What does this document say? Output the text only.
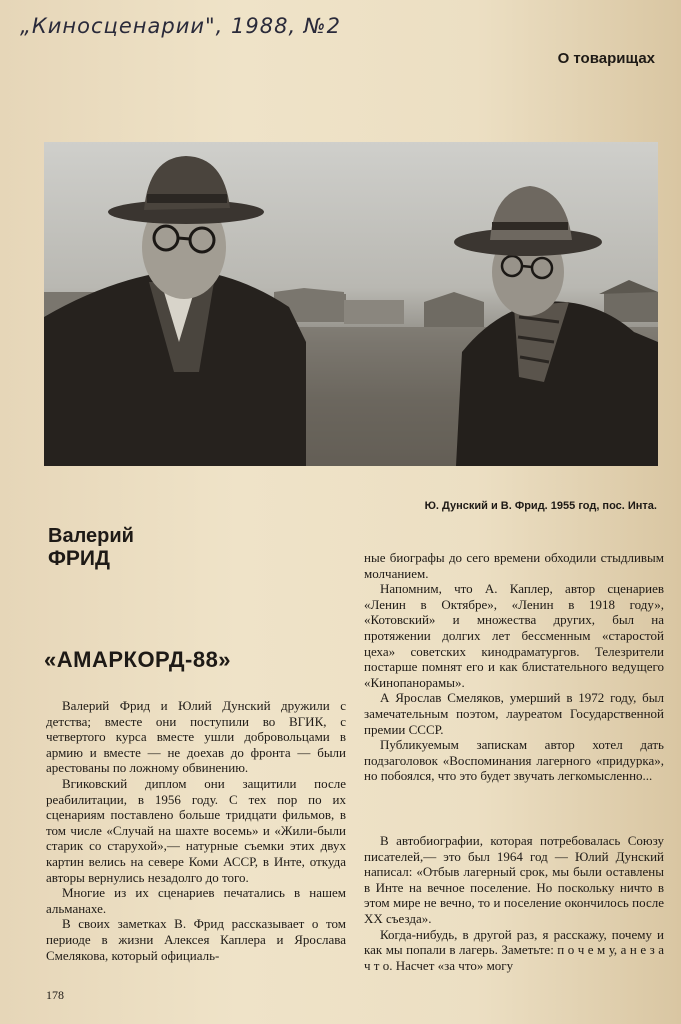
„Киносценарии", 1988, №2
О товарищах
Ю. Дунский и В. Фрид. 1955 год, пос. Инта.
Валерий
ФРИД
«АМАРКОРД-88»

Валерий Фрид и Юлий Дунский дружили с детства; вместе они поступили во ВГИК, с четвертого курса вместе ушли добровольцами в армию и вместе — не доехав до фронта — были арестованы по ложному обвинению.

Вгиковский диплом они защитили после реабилитации, в 1956 году. С тех пор по их сценариям поставлено больше тридцати фильмов, в том числе «Случай на шахте восемь» и «Жили-были старик со старухой»,— натурные съемки этих двух картин велись на севере Коми АССР, в Инте, откуда авторы вернулись незадолго до того.

Многие из их сценариев печатались в нашем альманахе.

В своих заметках В. Фрид рассказывает о том периоде в жизни Алексея Каплера и Ярослава Смелякова, который официаль-

ные биографы до сего времени обходили стыдливым молчанием.

Напомним, что А. Каплер, автор сценариев «Ленин в Октябре», «Ленин в 1918 году», «Котовский» и множества других, был на протяжении долгих лет бессменным «старостой цеха» советских кинодраматургов. Телезрители постарше помнят его и как блистательного ведущего «Кинопанорамы».

А Ярослав Смеляков, умерший в 1972 году, был замечательным поэтом, лауреатом Государственной премии СССР.

Публикуемым запискам автор хотел дать подзаголовок «Воспоминания лагерного «придурка», но побоялся, что это будет звучать легкомысленно...

В автобиографии, которая потребовалась Союзу писателей,— это был 1964 год — Юлий Дунский написал: «Отбыв лагерный срок, мы были оставлены в Инте на вечное поселение. Но поскольку ничто в этом мире не вечно, то и поселение окончилось после XX съезда».

Когда-нибудь, в другой раз, я расскажу, почему и как мы попали в лагерь. Заметьте: п о ч е м у, а н е з а ч т о. Насчет «за что» могу

178
